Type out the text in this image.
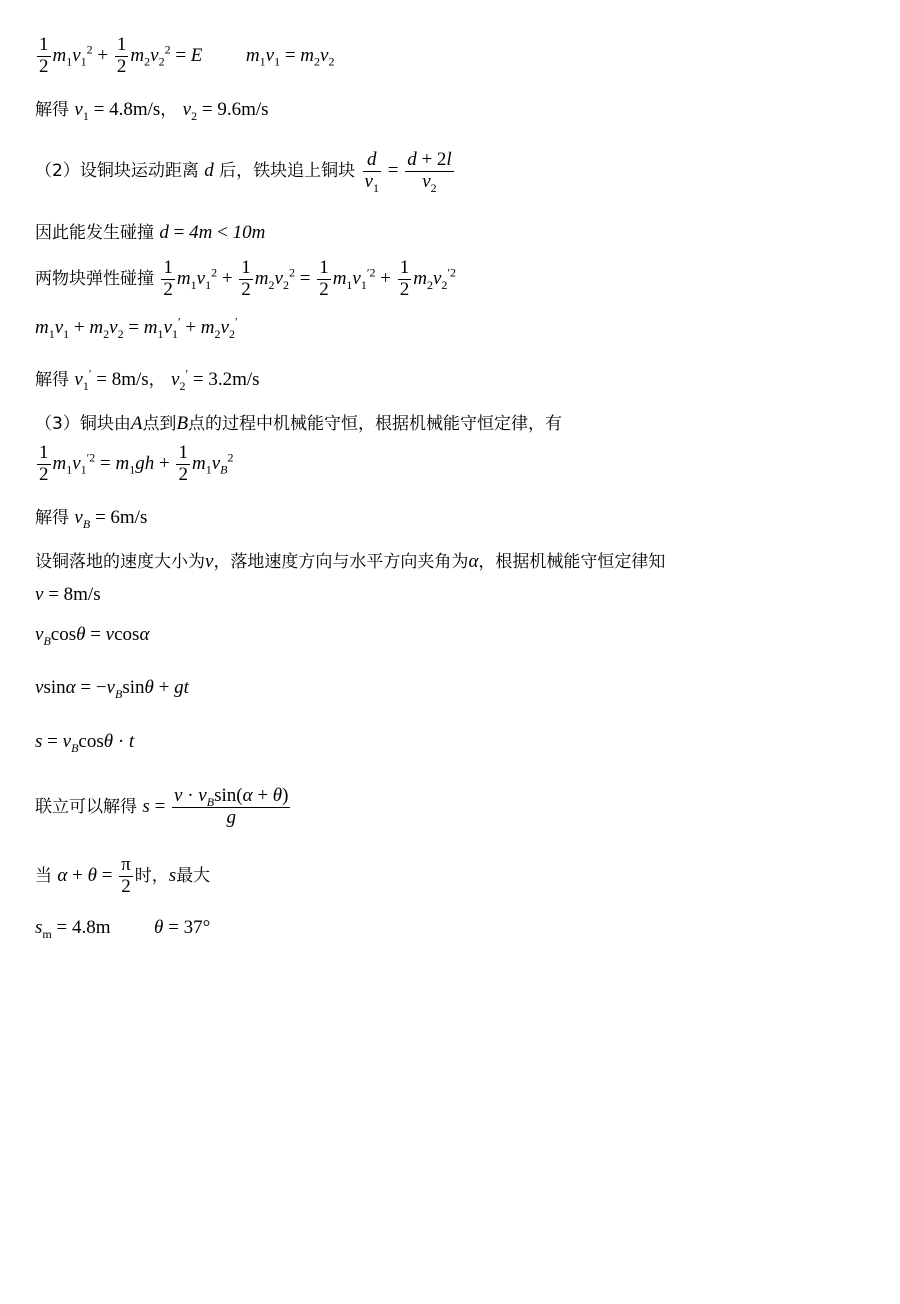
$\frac{1}{2} m_1v_1^2 + \frac{1}{2} m_2v_2^2 = E$ $m_1v_1 = m_2v_2$
解得 $v_1 = 4.8m/s$， $v_2 = 9.6m/s$
（2）设铜块运动距离 d 后，铁块追上铜块 $\frac{d}{v_1} = \frac{d + 2l}{v_2}$
因此能发生碰撞 d = 4m < 10m
两物块弹性碰撞 $\frac{1}{2} m_1v_1^2 + \frac{1}{2} m_2v_2^2 = \frac{1}{2} m_1v_1^{'2} + \frac{1}{2} m_2v_2^{'2}$
$m_1v_1 + m_2v_2 = m_1v_1' + m_2v_2'$
解得 $v_1' = 8m/s$， $v_2' = 3.2m/s$
（3）铜块由A点到B点的过程中机械能守恒，根据机械能守恒定律，有
$\frac{1}{2} m_1v_1^{'2} = m_1gh + \frac{1}{2} m_1v_B^2$
解得 $v_B = 6m/s$
设铜落地的速度大小为v，落地速度方向与水平方向夹角为α，根据机械能守恒定律知
v = 8m/s
$v_B\cos\theta = vcos\alpha$
$vsin\alpha = -v_B\sin\theta$ + gt
$s = v_B\cos\theta \cdot t$
联立可以解得 $s = \frac{v \cdot v_B\sin(\alpha + \theta)}{g}$
当 $\alpha + \theta = \frac{\pi}{2}$ 时，s最大
$s_m = 4.8m$ θ = 37°
